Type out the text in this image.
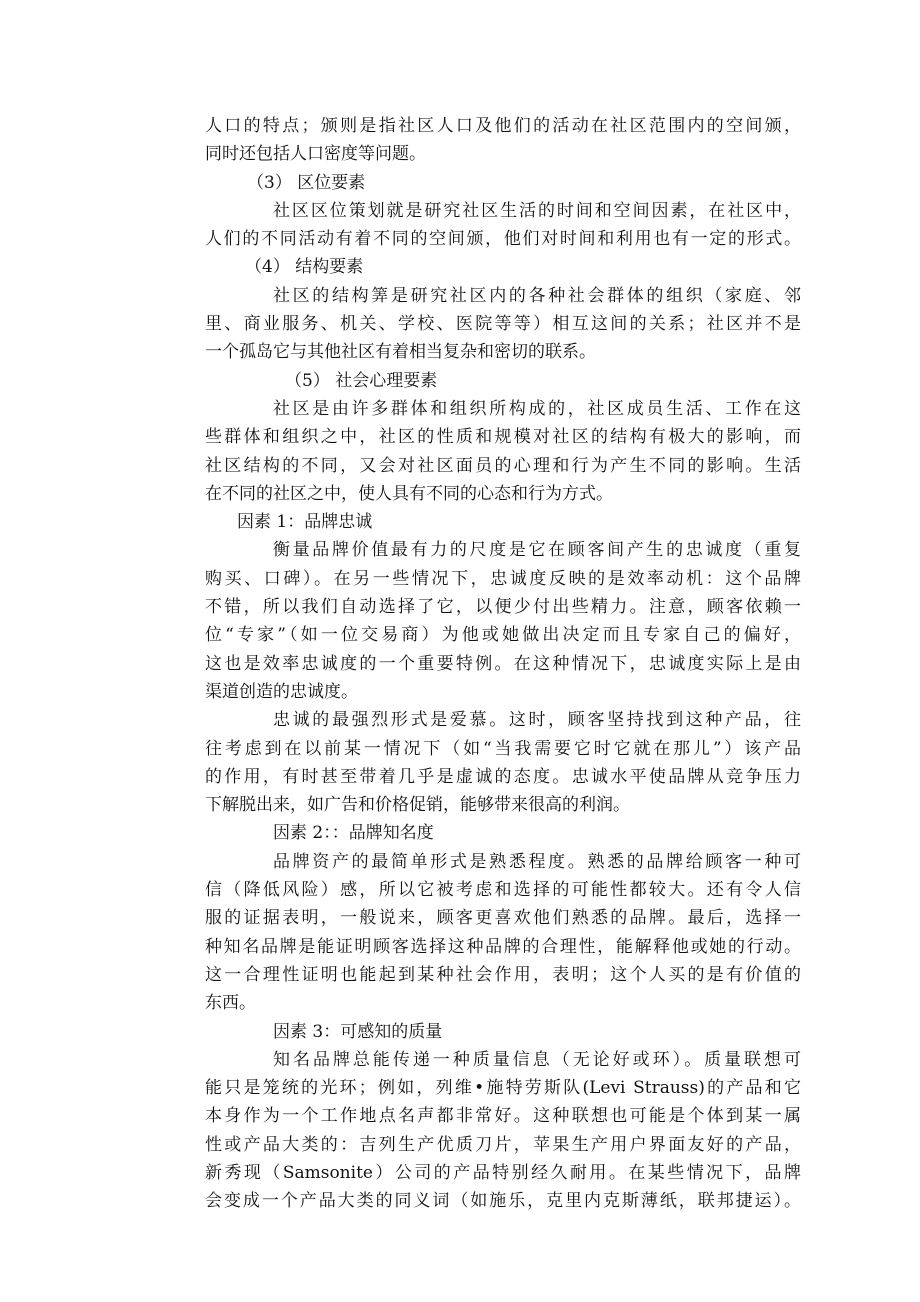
人口的特点；颁则是指社区人口及他们的活动在社区范围内的空间颁，
同时还包括人口密度等问题。
（3） 区位要素
社区区位策划就是研究社区生活的时间和空间因素，在社区中，
人们的不同活动有着不同的空间颁，他们对时间和利用也有一定的形式。
（4） 结构要素
社区的结构筭是研究社区内的各种社会群体的组织（家庭、邻
里、商业服务、机关、学校、医院等等）相互这间的关系；社区并不是
一个孤岛它与其他社区有着相当复杂和密切的联系。
（5） 社会心理要素
社区是由许多群体和组织所构成的，社区成员生活、工作在这
些群体和组织之中，社区的性质和规模对社区的结构有极大的影响，而
社区结构的不同，又会对社区面员的心理和行为产生不同的影响。生活
在不同的社区之中，使人具有不同的心态和行为方式。
因素 1：品牌忠诚
衡量品牌价值最有力的尺度是它在顾客间产生的忠诚度（重复
购买、口碑）。在另一些情况下，忠诚度反映的是效率动机：这个品牌
不错，所以我们自动选择了它，以便少付出些精力。注意，顾客依赖一
位“专家”（如一位交易商）为他或她做出决定而且专家自己的偏好，
这也是效率忠诚度的一个重要特例。在这种情况下，忠诚度实际上是由
渠道创造的忠诚度。
忠诚的最强烈形式是爱慕。这时，顾客坚持找到这种产品，往
往考虑到在以前某一情况下（如“当我需要它时它就在那儿”）该产品
的作用，有时甚至带着几乎是虚诚的态度。忠诚水平使品牌从竞争压力
下解脱出来，如广告和价格促销，能够带来很高的利润。
因素 2：：品牌知名度
品牌资产的最简单形式是熟悉程度。熟悉的品牌给顾客一种可
信（降低风险）感，所以它被考虑和选择的可能性都较大。还有令人信
服的证据表明，一般说来，顾客更喜欢他们熟悉的品牌。最后，选择一
种知名品牌是能证明顾客选择这种品牌的合理性，能解释他或她的行动。
这一合理性证明也能起到某种社会作用，表明；这个人买的是有价值的
东西。
因素 3：可感知的质量
知名品牌总能传递一种质量信息（无论好或环）。质量联想可
能只是笼统的光环；例如，列维•施特劳斯队(Levi Strauss)的产品和它
本身作为一个工作地点名声都非常好。这种联想也可能是个体到某一属
性或产品大类的：吉列生产优质刀片，苹果生产用户界面友好的产品，
新秀现（Samsonite）公司的产品特别经久耐用。在某些情况下，品牌
会变成一个产品大类的同义词（如施乐，克里内克斯薄纸，联邦捷运）。
